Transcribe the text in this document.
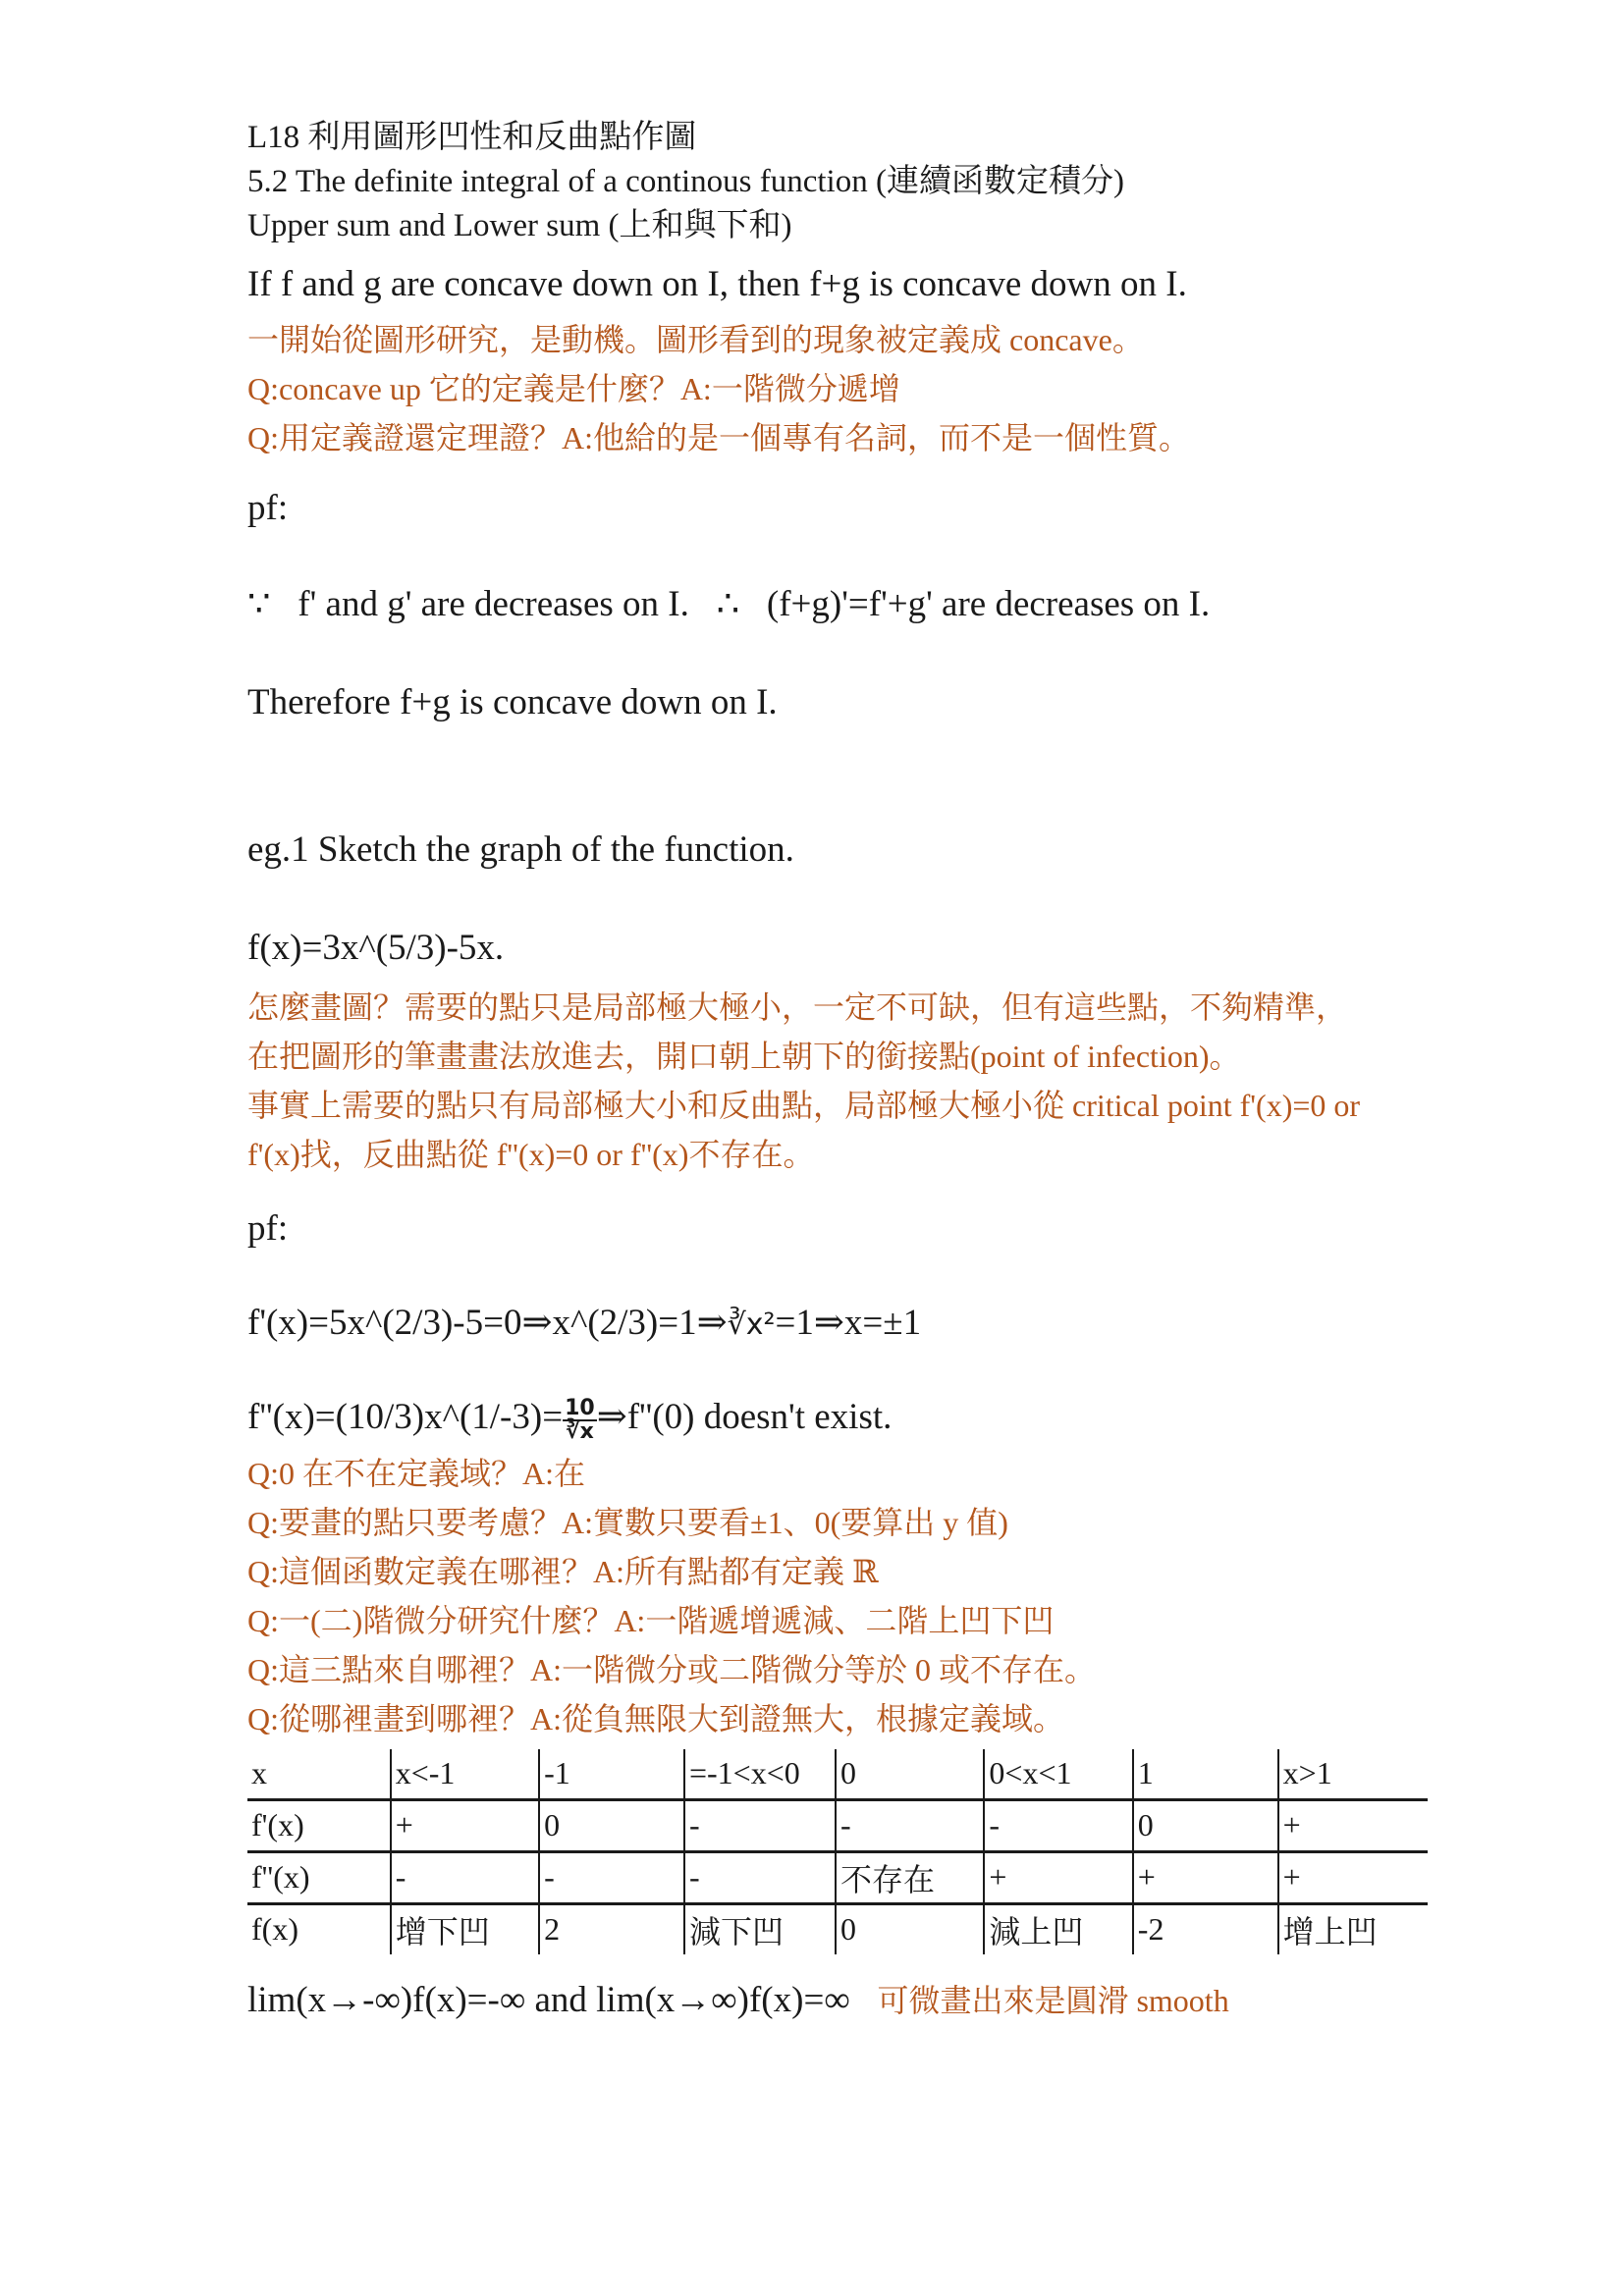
L18 利用圖形凹性和反曲點作圖
5.2 The definite integral of a continous function (連續函數定積分)
Upper sum and Lower sum (上和與下和)
If f and g are concave down on I, then f+g is concave down on I.
一開始從圖形研究，是動機。圖形看到的現象被定義成 concave。
Q:concave up 它的定義是什麼？A:一階微分遞增
Q:用定義證還定理證？A:他給的是一個專有名詞，而不是一個性質。
pf:
∵ f' and g' are decreases on I. ∴ (f+g)'=f'+g' are decreases on I.
Therefore f+g is concave down on I.
eg.1 Sketch the graph of the function.
f(x)=3x^(5/3)-5x.
怎麼畫圖？需要的點只是局部極大極小，一定不可缺，但有這些點，不夠精準，
在把圖形的筆畫畫法放進去，開口朝上朝下的銜接點(point of infection)。
事實上需要的點只有局部極大小和反曲點，局部極大極小從 critical point f'(x)=0 or
f'(x)找，反曲點從 f''(x)=0 or f''(x)不存在。
pf:
f'(x)=5x^(2/3)-5=0⇒x^(2/3)=1⇒∛x²=1⇒x=±1
f''(x)=(10/3)x^(1/-3)= $\frac{10}{∛x}$ ⇒f''(0) doesn't exist.
Q:0 在不在定義域？A:在
Q:要畫的點只要考慮？A:實數只要看±1、0(要算出 y 值)
Q:這個函數定義在哪裡？A:所有點都有定義 ℝ
Q:一(二)階微分研究什麼？A:一階遞增遞減、二階上凹下凹
Q:這三點來自哪裡？A:一階微分或二階微分等於 0 或不存在。
Q:從哪裡畫到哪裡？A:從負無限大到證無大，根據定義域。
x	x<-1	-1	=-1<x<0	0	0<x<1	1	x>1
f'(x)	+	0	-	-	-	0	+
f''(x)	-	-	-	不存在	+	+	+
f(x)	增下凹	2	減下凹	0	減上凹	-2	增上凹
lim(x→-∞)f(x)=-∞ and lim(x→∞)f(x)=∞ 可微畫出來是圓滑 smooth
